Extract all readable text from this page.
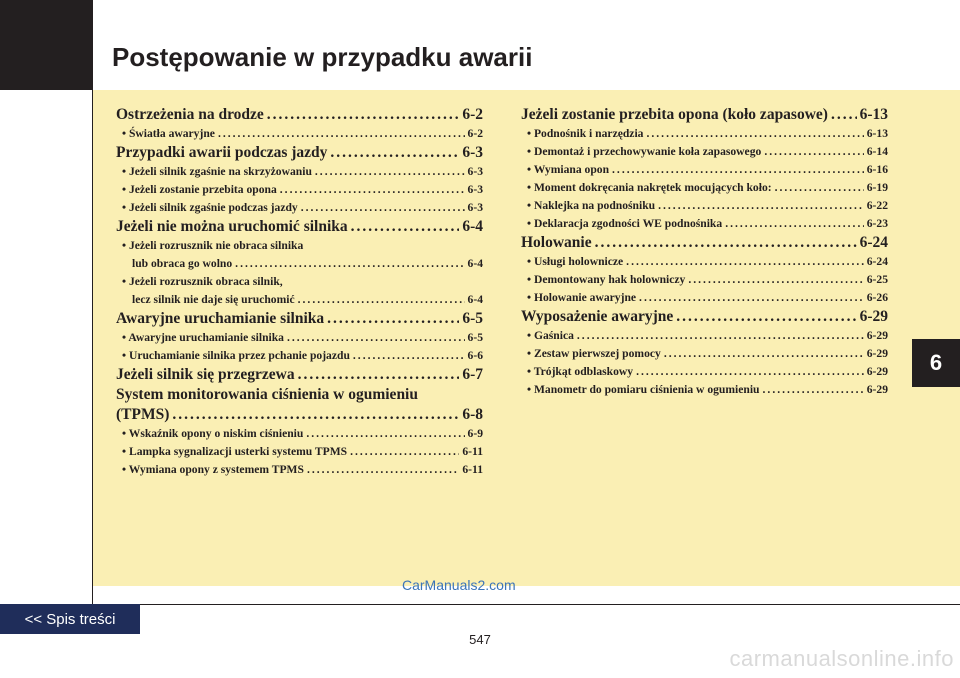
Postępowanie w przypadku awarii
Ostrzeżenia na drodze .....	6-2
• Światła awaryjne .....	6-2
Przypadki awarii podczas jazdy .....	6-3
• Jeżeli silnik zgaśnie na skrzyżowaniu .....	6-3
• Jeżeli zostanie przebita opona .....	6-3
• Jeżeli silnik zgaśnie podczas jazdy .....	6-3
Jeżeli nie można uruchomić silnika .....	6-4
• Jeżeli rozrusznik nie obraca silnika
lub obraca go wolno .....	6-4
• Jeżeli rozrusznik obraca silnik,
lecz silnik nie daje się uruchomić .....	6-4
Awaryjne uruchamianie silnika .....	6-5
• Awaryjne uruchamianie silnika .....	6-5
• Uruchamianie silnika przez pchanie pojazdu .....	6-6
Jeżeli silnik się przegrzewa .....	6-7
System monitorowania ciśnienia w ogumieniu
(TPMS) .....	6-8
• Wskaźnik opony o niskim ciśnieniu .....	6-9
• Lampka sygnalizacji usterki systemu TPMS .....	6-11
• Wymiana opony z systemem TPMS .....	6-11
Jeżeli zostanie przebita opona (koło zapasowe) ..... 6-13
• Podnośnik i narzędzia .....	6-13
• Demontaż i przechowywanie koła zapasowego .....	6-14
• Wymiana opon .....	6-16
• Moment dokręcania nakrętek mocujących koło: .....	6-19
• Naklejka na podnośniku .....	6-22
• Deklaracja zgodności WE podnośnika .....	6-23
Holowanie .....	6-24
• Usługi holownicze .....	6-24
• Demontowany hak holowniczy .....	6-25
• Holowanie awaryjne .....	6-26
Wyposażenie awaryjne .....	6-29
• Gaśnica .....	6-29
• Zestaw pierwszej pomocy .....	6-29
• Trójkąt odblaskowy .....	6-29
• Manometr do pomiaru ciśnienia w ogumieniu .....	6-29
6
CarManuals2.com
<< Spis treści
547
carmanualsonline.info
